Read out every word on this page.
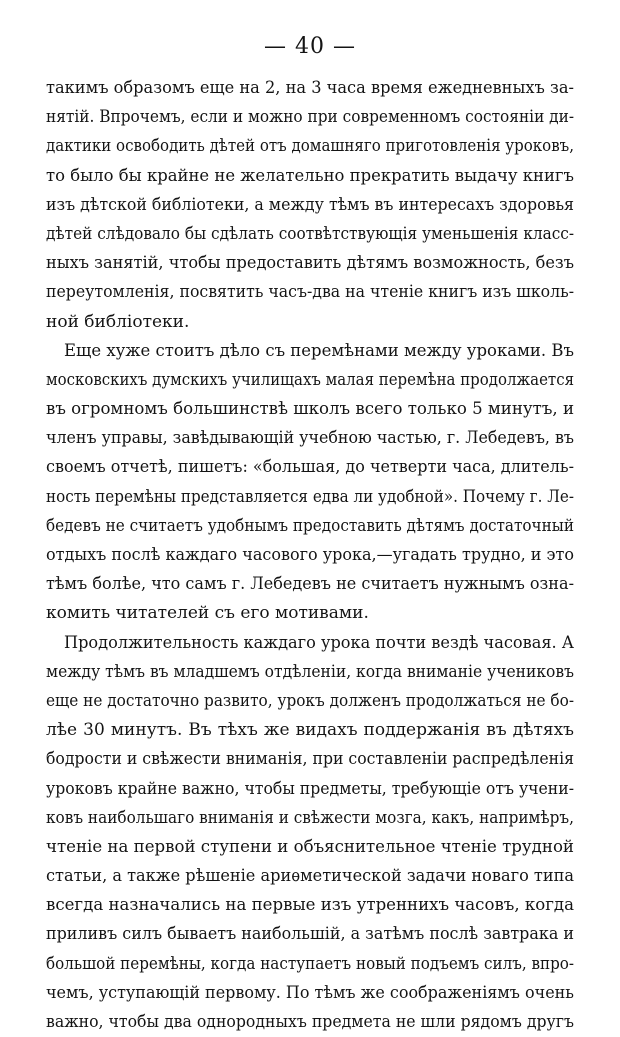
— 40 —
такимъ образомъ еще на 2, на 3 часа время ежедневныхъ за-
нятій. Впрочемъ, если и можно при современномъ состояніи ди-
дактики освободить дѣтей отъ домашняго приготовленія уроковъ,
то было бы крайне не желательно прекратить выдачу книгъ
изъ дѣтской библіотеки, а между тѣмъ въ интересахъ здоровья
дѣтей слѣдовало бы сдѣлать соотвѣтствующія уменьшенія класс-
ныхъ занятій, чтобы предоставить дѣтямъ возможность, безъ
переутомленія, посвятить часъ-два на чтеніе книгъ изъ школь-
ной библіотеки.
Еще хуже стоитъ дѣло съ перемѣнами между уроками. Въ
московскихъ думскихъ училищахъ малая перемѣна продолжается
въ огромномъ большинствѣ школъ всего только 5 минутъ, и
членъ управы, завѣдывающій учебною частью, г. Лебедевъ, въ
своемъ отчетѣ, пишетъ: «большая, до четверти часа, длитель-
ность перемѣны представляется едва ли удобной». Почему г. Ле-
бедевъ не считаетъ удобнымъ предоставить дѣтямъ достаточный
отдыхъ послѣ каждаго часового урока,—угадать трудно, и это
тѣмъ болѣе, что самъ г. Лебедевъ не считаетъ нужнымъ озна-
комить читателей съ его мотивами.
Продолжительность каждаго урока почти вездѣ часовая. А
между тѣмъ въ младшемъ отдѣленіи, когда вниманіе учениковъ
еще не достаточно развито, урокъ долженъ продолжаться не бо-
лѣе 30 минутъ. Въ тѣхъ же видахъ поддержанія въ дѣтяхъ
бодрости и свѣжести вниманія, при составленіи распредѣленія
уроковъ крайне важно, чтобы предметы, требующіе отъ учени-
ковъ наибольшаго вниманія и свѣжести мозга, какъ, напримѣръ,
чтеніе на первой ступени и объяснительное чтеніе трудной
статьи, а также рѣшеніе ариѳметической задачи новаго типа
всегда назначались на первые изъ утреннихъ часовъ, когда
приливъ силъ бываетъ наибольшій, а затѣмъ послѣ завтрака и
большой перемѣны, когда наступаетъ новый подъемъ силъ, впро-
чемъ, уступающій первому. По тѣмъ же соображеніямъ очень
важно, чтобы два однородныхъ предмета не шли рядомъ другъ
